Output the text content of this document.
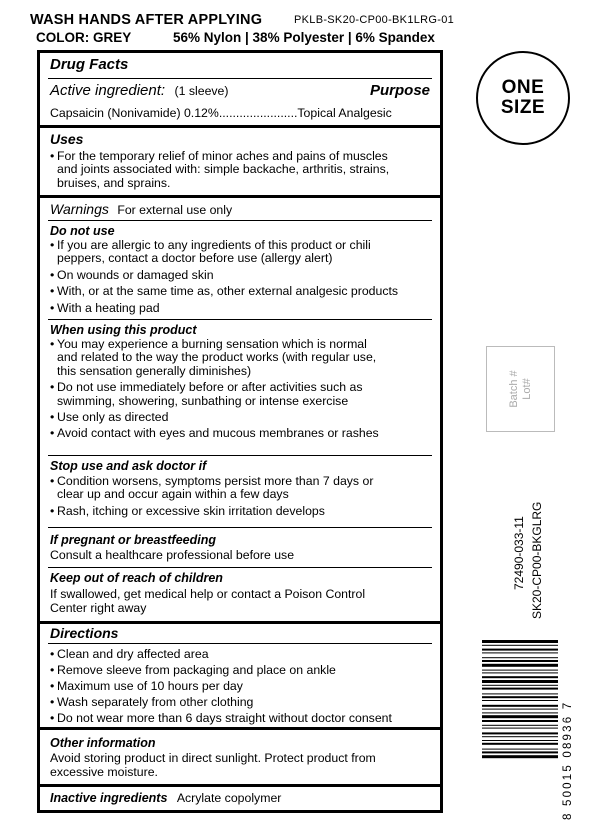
WASH HANDS AFTER APPLYING	PKLB-SK20-CP00-BK1LRG-01
COLOR: GREY	56% Nylon | 38% Polyester | 6% Spandex
Drug Facts
Active ingredient: (1 sleeve)	Purpose
Capsaicin (Nonivamide) 0.12%.......................Topical Analgesic
Uses
• For the temporary relief of minor aches and pains of muscles
and joints associated with: simple backache, arthritis, strains,
bruises, and sprains.
Warnings For external use only
Do not use
• If you are allergic to any ingredients of this product or chili
peppers, contact a doctor before use (allergy alert)

• On wounds or damaged skin
• With, or at the same time as, other external analgesic products
• With a heating pad
When using this product
• You may experience a burning sensation which is normal
and related to the way the product works (with regular use,
this sensation generally diminishes)
• Do not use immediately before or after activities such as
swimming, showering, sunbathing or intense exercise
• Use only as directed
• Avoid contact with eyes and mucous membranes or rashes
Stop use and ask doctor if
• Condition worsens, symptoms persist more than 7 days or
clear up and occur again within a few days
• Rash, itching or excessive skin irritation develops
If pregnant or breastfeeding
Consult a healthcare professional before use
Keep out of reach of children
If swallowed, get medical help or contact a Poison Control
Center right away
Directions
• Clean and dry affected area
• Remove sleeve from packaging and place on ankle
• Maximum use of 10 hours per day
• Wash separately from other clothing
• Do not wear more than 6 days straight without doctor consent
Other information
Avoid storing product in direct sunlight. Protect product from
excessive moisture.
Inactive ingredients Acrylate copolymer
ONE
SIZE
Batch #
Lot#
72490-033-11 SK20-CP00-BKGLRG
8 50015 08936 7
